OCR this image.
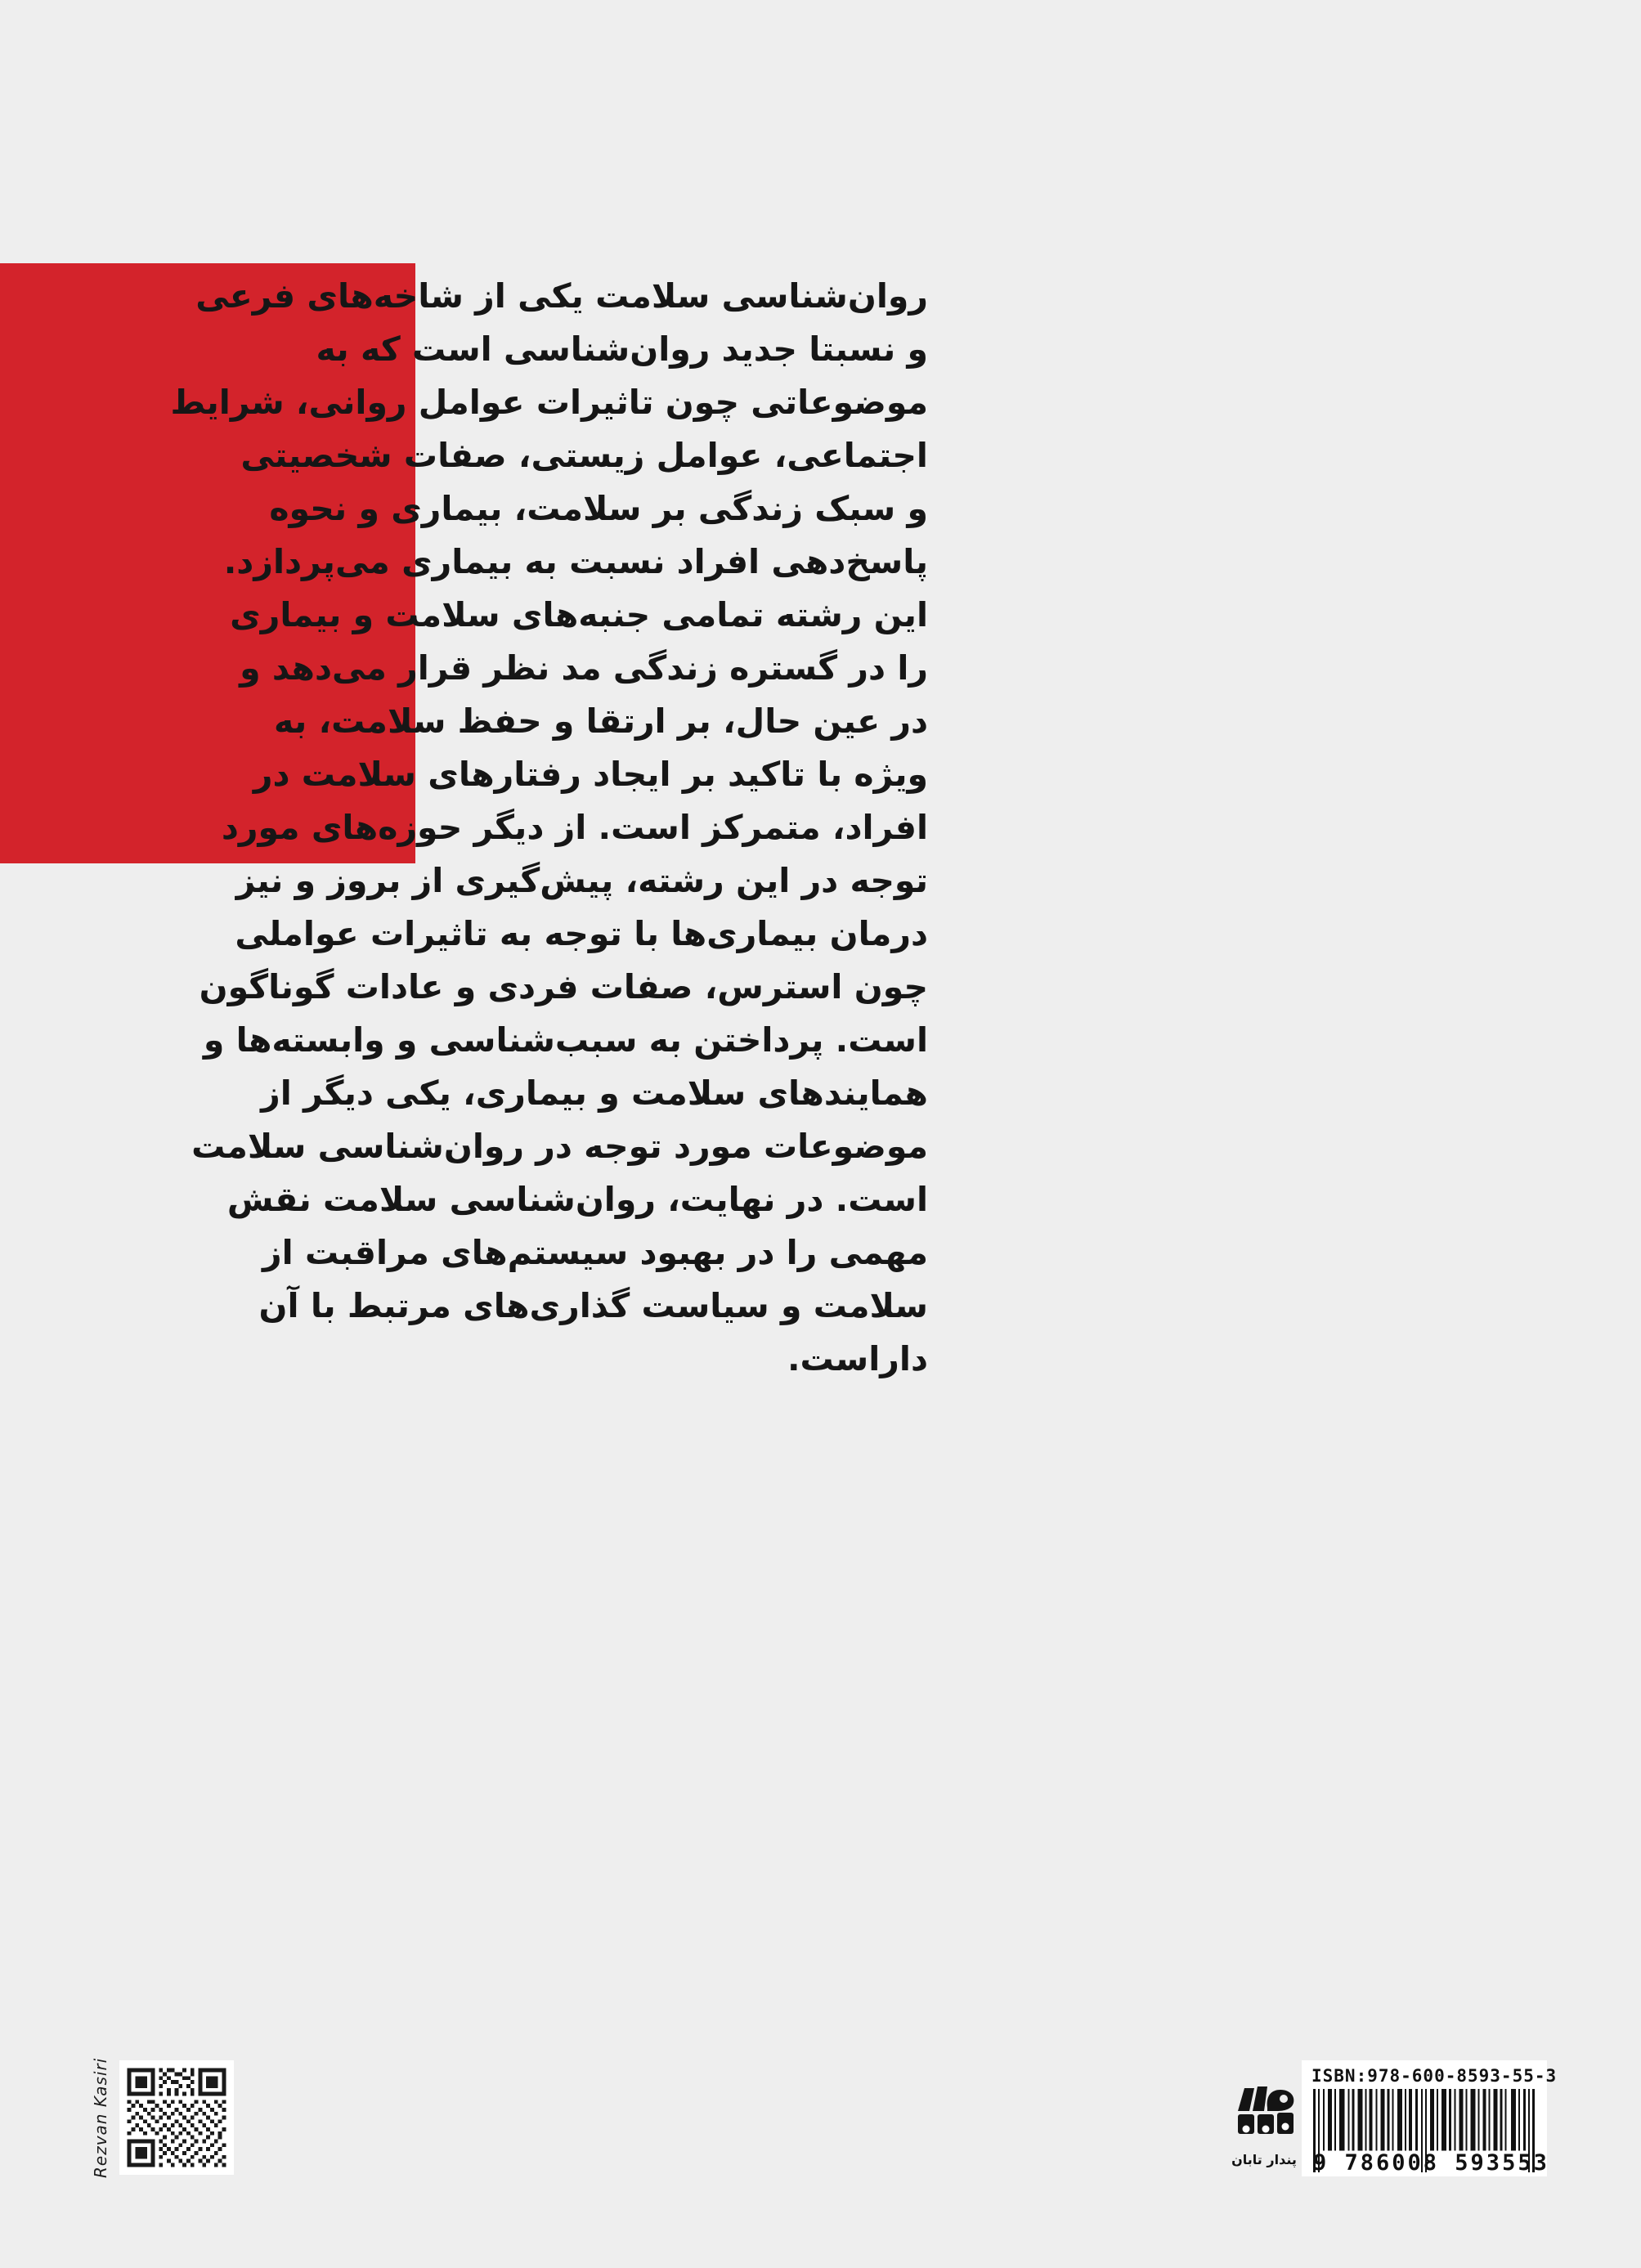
روان‌شناسی سلامت یکی از شاخه‌های فرعی
و نسبتا جدید روان‌شناسی است که به
موضوعاتی چون تاثیرات عوامل روانی، شرایط
اجتماعی، عوامل زیستی، صفات شخصیتی
و سبک زندگی بر سلامت، بیماری و نحوه
پاسخ‌دهی افراد نسبت به بیماری می‌پردازد.
این رشته تمامی جنبه‌های سلامت و بیماری
را در گستره زندگی مد نظر قرار می‌دهد و
در عین حال، بر ارتقا و حفظ سلامت، به
ویژه با تاکید بر ایجاد رفتارهای سلامت در
افراد، متمرکز است. از دیگر حوزه‌های مورد
توجه در این رشته، پیش‌گیری از بروز و نیز
درمان بیماری‌ها با توجه به تاثیرات عواملی
چون استرس، صفات فردی و عادات گوناگون
است. پرداختن به سبب‌شناسی و وابسته‌ها و
همایندهای سلامت و بیماری، یکی دیگر از
موضوعات مورد توجه در روان‌شناسی سلامت
است. در نهایت، روان‌شناسی سلامت نقش
مهمی را در بهبود سیستم‌های مراقبت از
سلامت و سیاست گذاری‌های مرتبط با آن
داراست.
Rezvan Kasiri	پندار تابان
ISBN:978-600-8593-55-3
9 786008 593553
